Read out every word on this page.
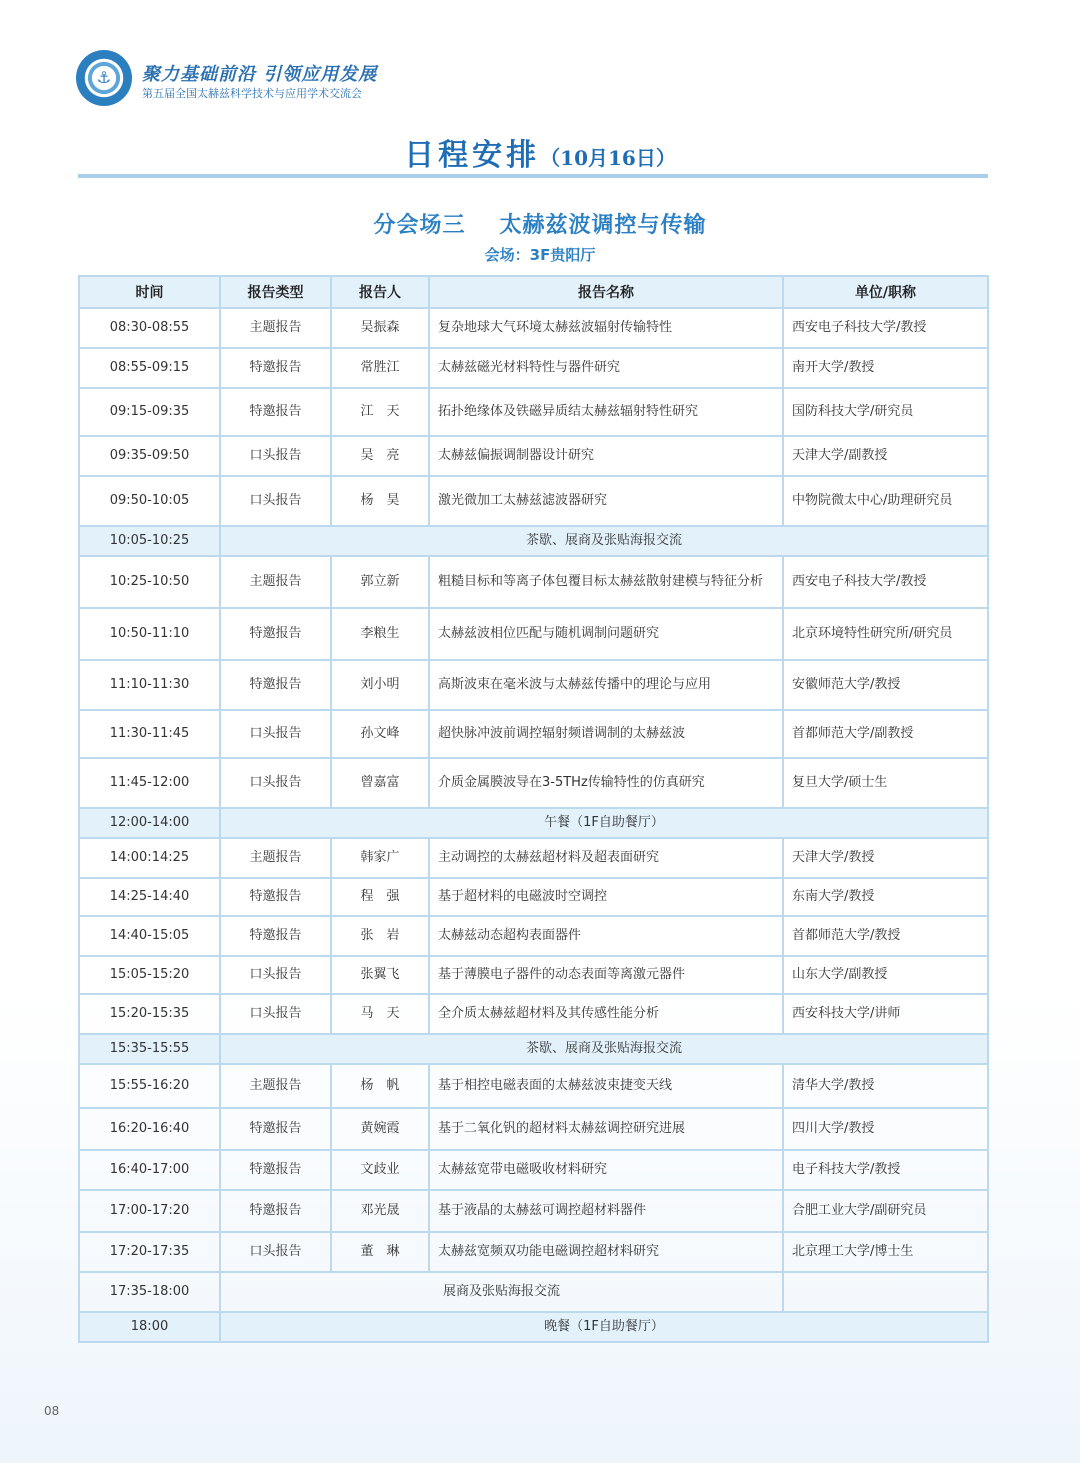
⚓ 聚力基础前沿 引领应用发展
第五届全国太赫兹科学技术与应用学术交流会
日程安排（10月16日）
分会场三 太赫兹波调控与传输
会场：3F贵阳厅
时间	报告类型	报告人	报告名称	单位/职称
08:30-08:55	主题报告	吴振森	复杂地球大气环境太赫兹波辐射传输特性	西安电子科技大学/教授
08:55-09:15	特邀报告	常胜江	太赫兹磁光材料特性与器件研究	南开大学/教授
09:15-09:35	特邀报告	江　天	拓扑绝缘体及铁磁异质结太赫兹辐射特性研究	国防科技大学/研究员
09:35-09:50	口头报告	吴　亮	太赫兹偏振调制器设计研究	天津大学/副教授
09:50-10:05	口头报告	杨　昊	激光微加工太赫兹滤波器研究	中物院微太中心/助理研究员
10:05-10:25	茶歇、展商及张贴海报交流			
10:25-10:50	主题报告	郭立新	粗糙目标和等离子体包覆目标太赫兹散射建模与特征分析	西安电子科技大学/教授
10:50-11:10	特邀报告	李粮生	太赫兹波相位匹配与随机调制问题研究	北京环境特性研究所/研究员
11:10-11:30	特邀报告	刘小明	高斯波束在毫米波与太赫兹传播中的理论与应用	安徽师范大学/教授
11:30-11:45	口头报告	孙文峰	超快脉冲波前调控辐射频谱调制的太赫兹波	首都师范大学/副教授
11:45-12:00	口头报告	曾嘉富	介质金属膜波导在3-5THz传输特性的仿真研究	复旦大学/硕士生
12:00-14:00	午餐（1F自助餐厅）			
14:00:14:25	主题报告	韩家广	主动调控的太赫兹超材料及超表面研究	天津大学/教授
14:25-14:40	特邀报告	程　强	基于超材料的电磁波时空调控	东南大学/教授
14:40-15:05	特邀报告	张　岩	太赫兹动态超构表面器件	首都师范大学/教授
15:05-15:20	口头报告	张翼飞	基于薄膜电子器件的动态表面等离激元器件	山东大学/副教授
15:20-15:35	口头报告	马　天	全介质太赫兹超材料及其传感性能分析	西安科技大学/讲师
15:35-15:55	茶歇、展商及张贴海报交流			
15:55-16:20	主题报告	杨　帆	基于相控电磁表面的太赫兹波束捷变天线	清华大学/教授
16:20-16:40	特邀报告	黄婉霞	基于二氧化钒的超材料太赫兹调控研究进展	四川大学/教授
16:40-17:00	特邀报告	文歧业	太赫兹宽带电磁吸收材料研究	电子科技大学/教授
17:00-17:20	特邀报告	邓光晟	基于液晶的太赫兹可调控超材料器件	合肥工业大学/副研究员
17:20-17:35	口头报告	董　琳	太赫兹宽频双功能电磁调控超材料研究	北京理工大学/博士生
17:35-18:00	展商及张贴海报交流			
18:00	晚餐（1F自助餐厅）			
08
